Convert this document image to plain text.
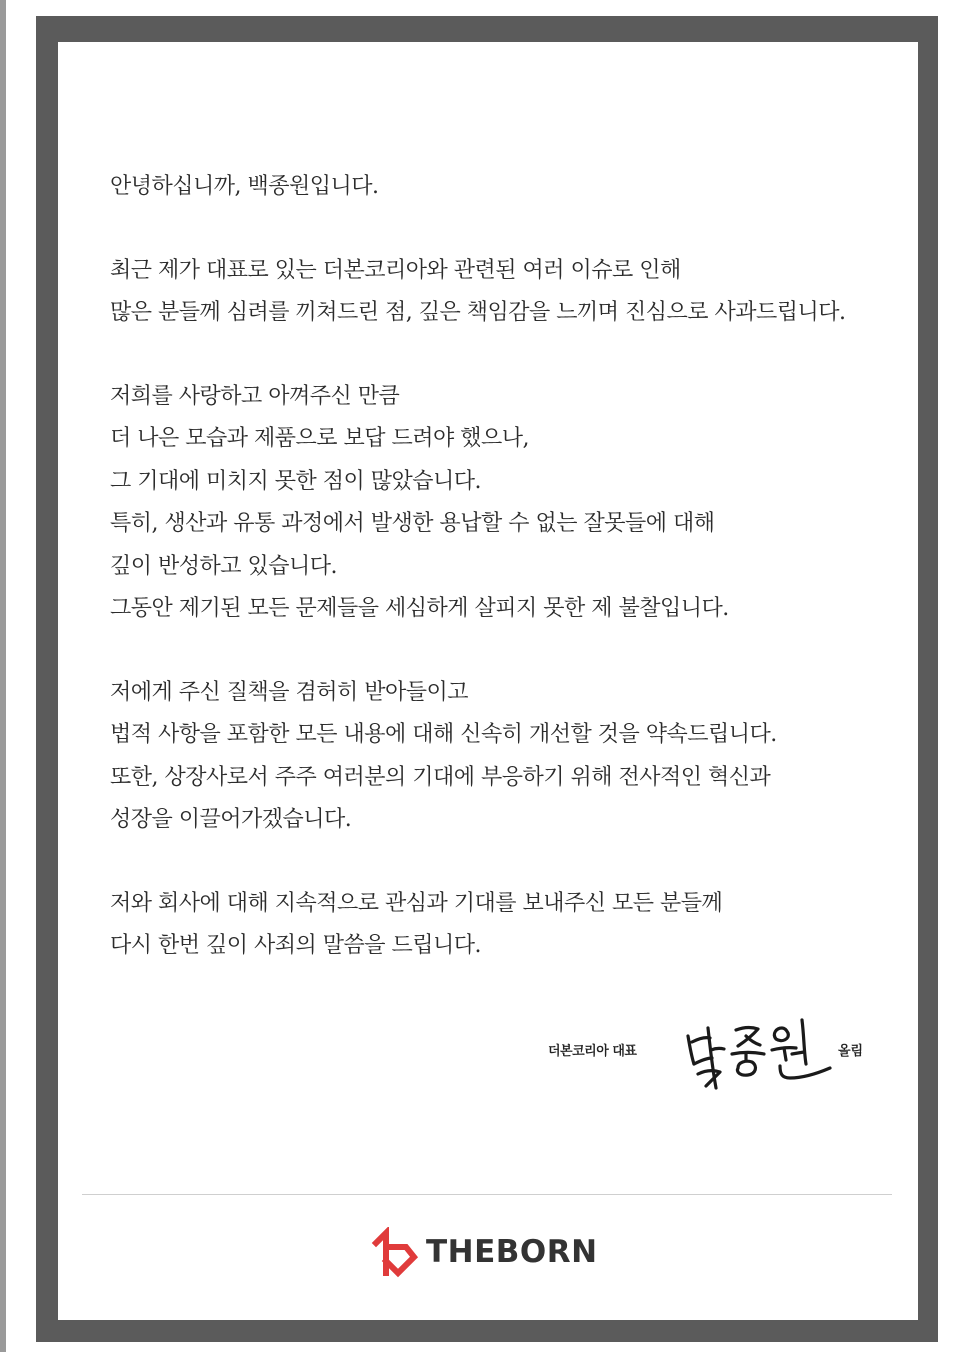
안녕하십니까, 백종원입니다.
최근 제가 대표로 있는 더본코리아와 관련된 여러 이슈로 인해
많은 분들께 심려를 끼쳐드린 점, 깊은 책임감을 느끼며 진심으로 사과드립니다.
저희를 사랑하고 아껴주신 만큼
더 나은 모습과 제품으로 보답 드려야 했으나,
그 기대에 미치지 못한 점이 많았습니다.
특히, 생산과 유통 과정에서 발생한 용납할 수 없는 잘못들에 대해
깊이 반성하고 있습니다.
그동안 제기된 모든 문제들을 세심하게 살피지 못한 제 불찰입니다.
저에게 주신 질책을 겸허히 받아들이고
법적 사항을 포함한 모든 내용에 대해 신속히 개선할 것을 약속드립니다.
또한, 상장사로서 주주 여러분의 기대에 부응하기 위해 전사적인 혁신과
성장을 이끌어가겠습니다.
저와 회사에 대해 지속적으로 관심과 기대를 보내주신 모든 분들께
다시 한번 깊이 사죄의 말씀을 드립니다.
더본코리아 대표	올림
THEBORN
